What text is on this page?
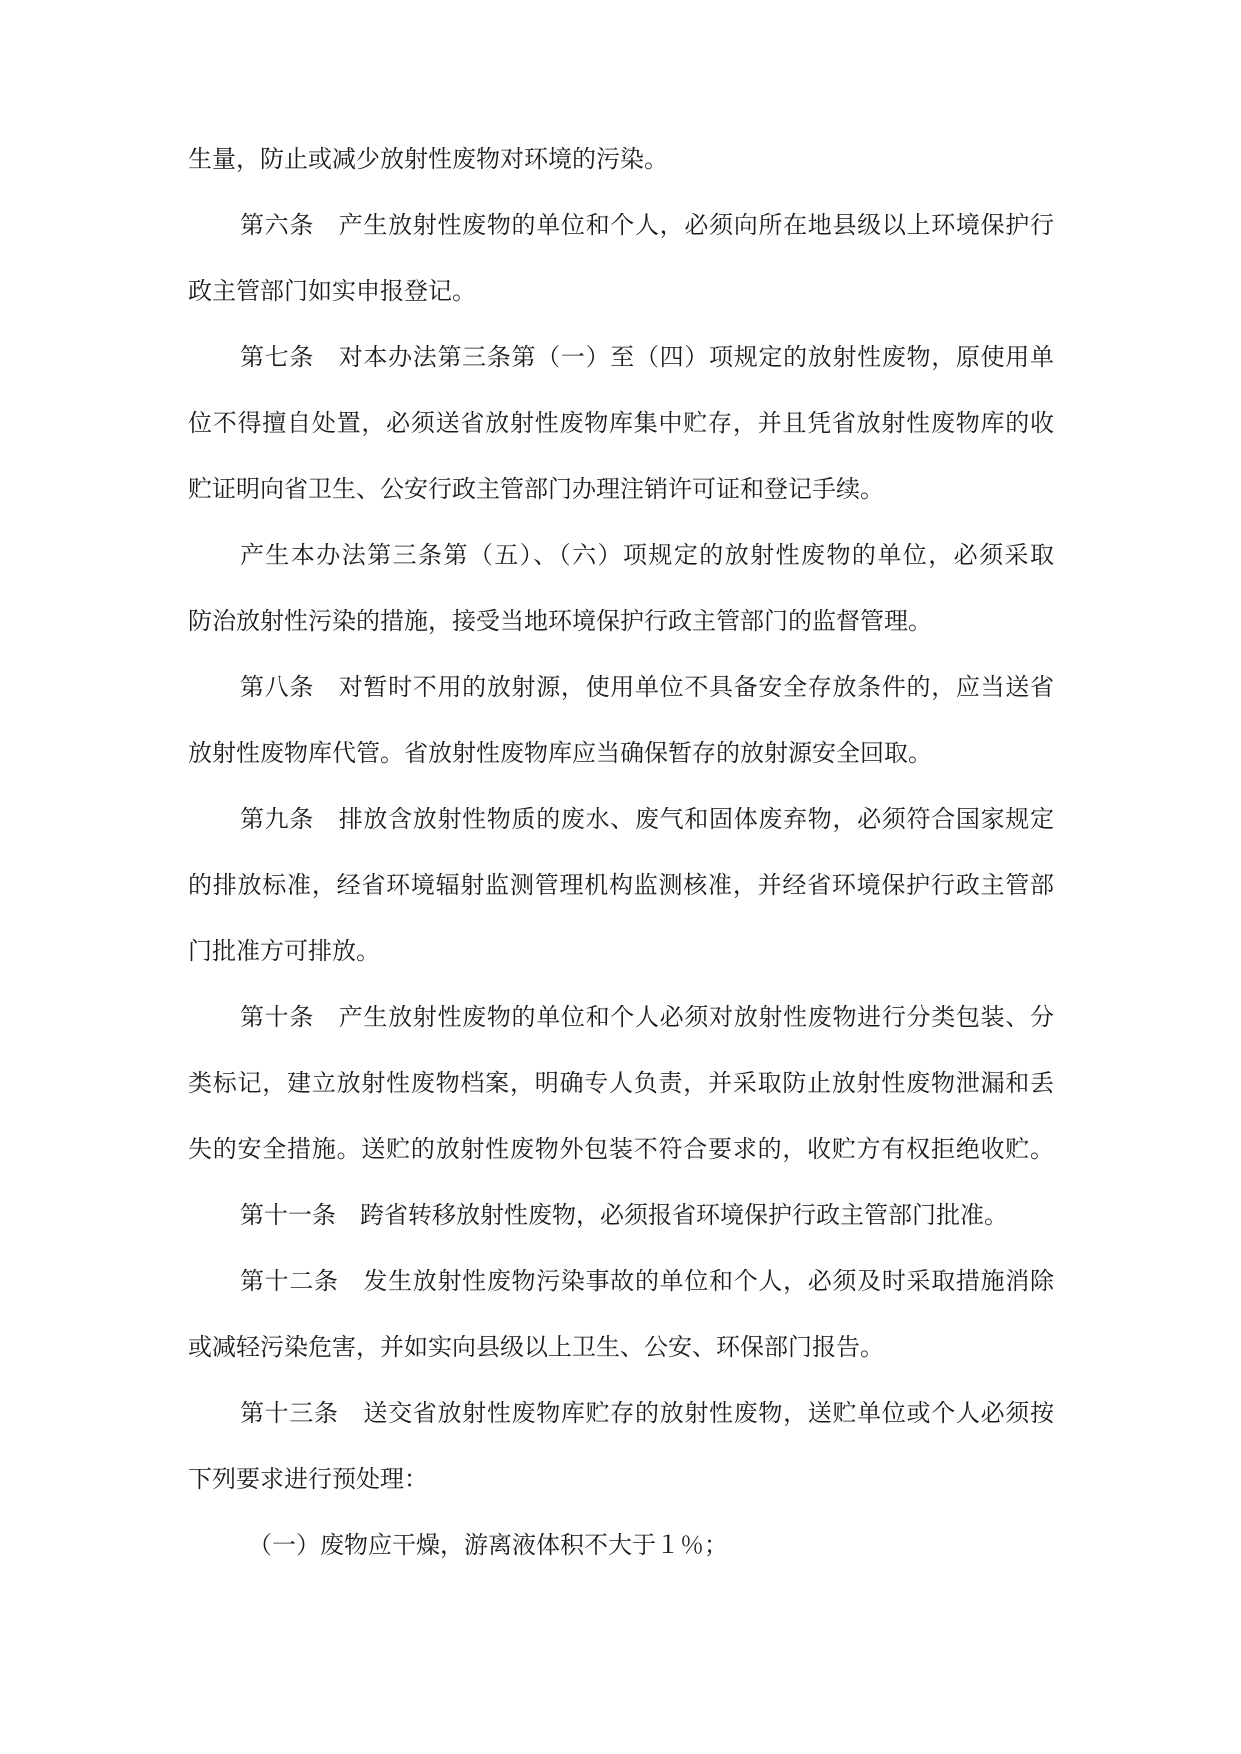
生量，防止或减少放射性废物对环境的污染。
第六条　产生放射性废物的单位和个人，必须向所在地县级以上环境保护行
政主管部门如实申报登记。
第七条　对本办法第三条第（一）至（四）项规定的放射性废物，原使用单
位不得擅自处置，必须送省放射性废物库集中贮存，并且凭省放射性废物库的收
贮证明向省卫生、公安行政主管部门办理注销许可证和登记手续。
产生本办法第三条第（五）、（六）项规定的放射性废物的单位，必须采取
防治放射性污染的措施，接受当地环境保护行政主管部门的监督管理。
第八条　对暂时不用的放射源，使用单位不具备安全存放条件的，应当送省
放射性废物库代管。省放射性废物库应当确保暂存的放射源安全回取。
第九条　排放含放射性物质的废水、废气和固体废弃物，必须符合国家规定
的排放标准，经省环境辐射监测管理机构监测核准，并经省环境保护行政主管部
门批准方可排放。
第十条　产生放射性废物的单位和个人必须对放射性废物进行分类包装、分
类标记，建立放射性废物档案，明确专人负责，并采取防止放射性废物泄漏和丢
失的安全措施。送贮的放射性废物外包装不符合要求的，收贮方有权拒绝收贮。
第十一条　跨省转移放射性废物，必须报省环境保护行政主管部门批准。
第十二条　发生放射性废物污染事故的单位和个人，必须及时采取措施消除
或减轻污染危害，并如实向县级以上卫生、公安、环保部门报告。
第十三条　送交省放射性废物库贮存的放射性废物，送贮单位或个人必须按
下列要求进行预处理：
（一）废物应干燥，游离液体积不大于１％；
